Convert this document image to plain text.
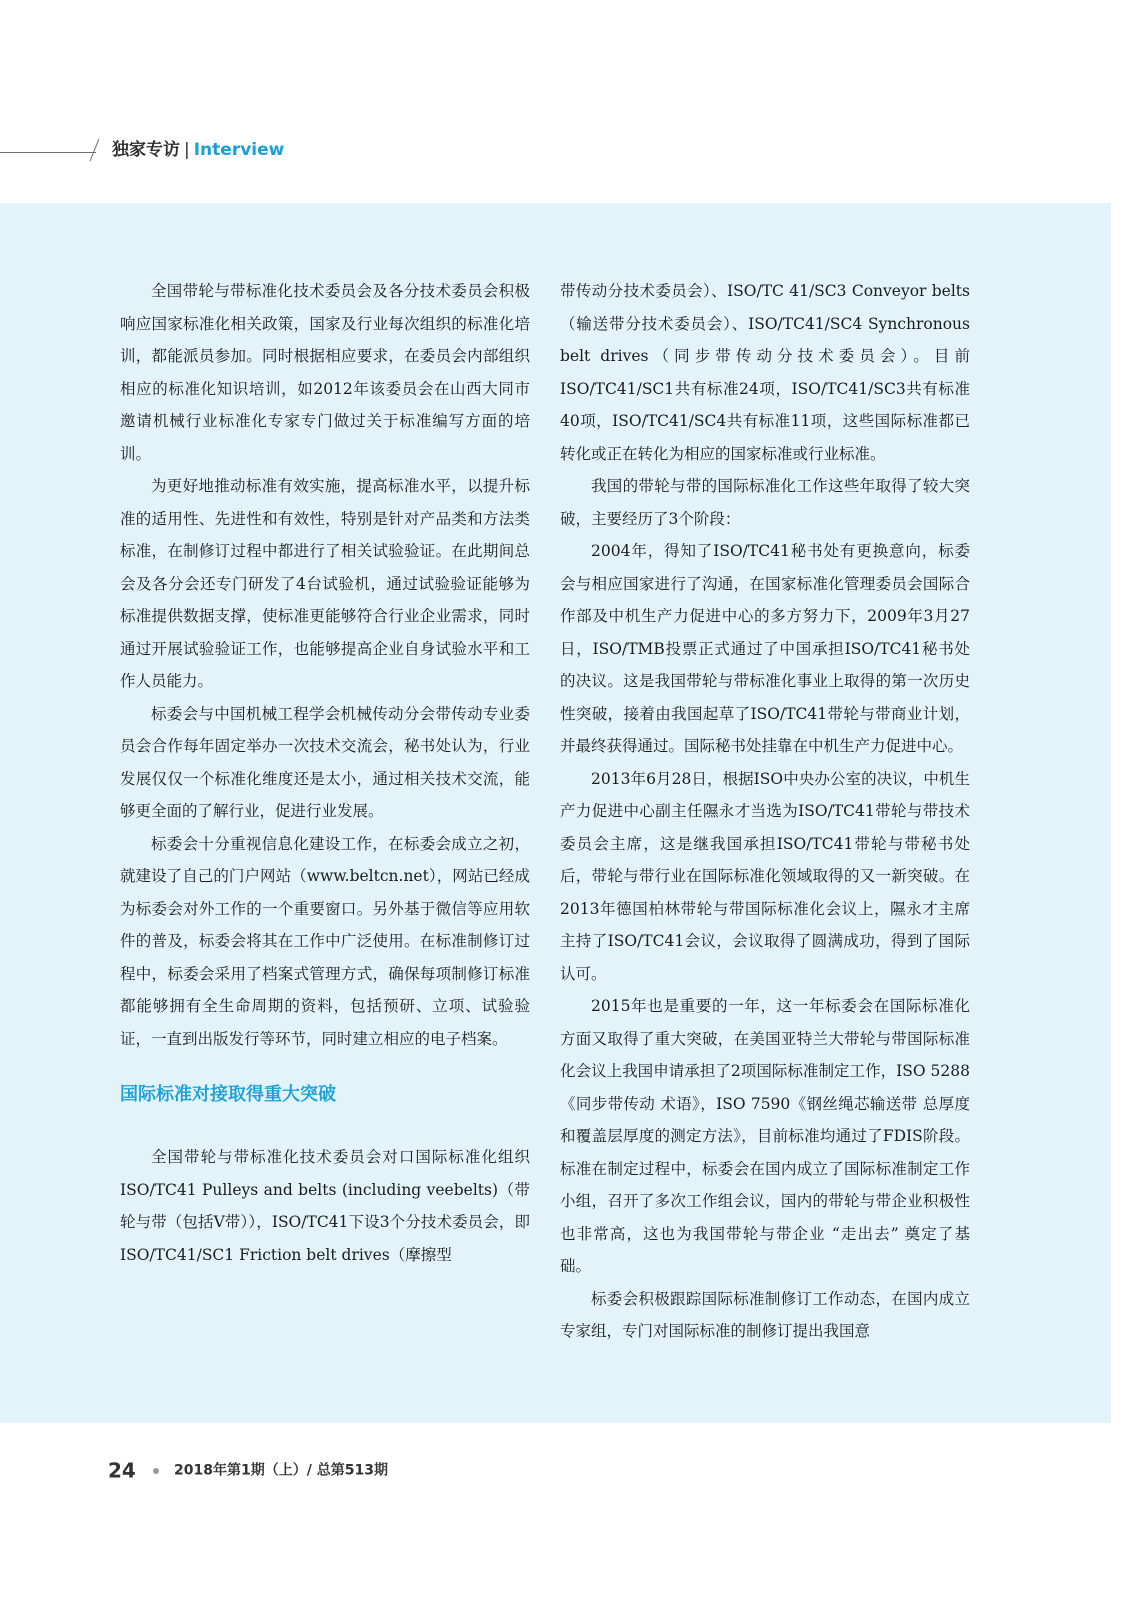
独家专访 | Interview

全国带轮与带标准化技术委员会及各分技术委员会积极响应国家标准化相关政策，国家及行业每次组织的标准化培训，都能派员参加。同时根据相应要求，在委员会内部组织相应的标准化知识培训，如2012年该委员会在山西大同市邀请机械行业标准化专家专门做过关于标准编写方面的培训。

为更好地推动标准有效实施，提高标准水平，以提升标准的适用性、先进性和有效性，特别是针对产品类和方法类标准，在制修订过程中都进行了相关试验验证。在此期间总会及各分会还专门研发了4台试验机，通过试验验证能够为标准提供数据支撑，使标准更能够符合行业企业需求，同时通过开展试验验证工作，也能够提高企业自身试验水平和工作人员能力。

标委会与中国机械工程学会机械传动分会带传动专业委员会合作每年固定举办一次技术交流会，秘书处认为，行业发展仅仅一个标准化维度还是太小，通过相关技术交流，能够更全面的了解行业，促进行业发展。

标委会十分重视信息化建设工作，在标委会成立之初，就建设了自己的门户网站（www.beltcn.net），网站已经成为标委会对外工作的一个重要窗口。另外基于微信等应用软件的普及，标委会将其在工作中广泛使用。在标准制修订过程中，标委会采用了档案式管理方式，确保每项制修订标准都能够拥有全生命周期的资料，包括预研、立项、试验验证，一直到出版发行等环节，同时建立相应的电子档案。

国际标准对接取得重大突破

全国带轮与带标准化技术委员会对口国际标准化组织ISO/TC41 Pulleys and belts (including veebelts)（带轮与带（包括V带）），ISO/TC41下设3个分技术委员会，即ISO/TC41/SC1 Friction belt drives（摩擦型

带传动分技术委员会）、ISO/TC 41/SC3 Conveyor belts（输送带分技术委员会）、ISO/TC41/SC4 Synchronous belt drives（同步带传动分技术委员会）。目前ISO/TC41/SC1共有标准24项，ISO/TC41/SC3共有标准40项，ISO/TC41/SC4共有标准11项，这些国际标准都已转化或正在转化为相应的国家标准或行业标准。

我国的带轮与带的国际标准化工作这些年取得了较大突破，主要经历了3个阶段：

2004年，得知了ISO/TC41秘书处有更换意向，标委会与相应国家进行了沟通，在国家标准化管理委员会国际合作部及中机生产力促进中心的多方努力下，2009年3月27日，ISO/TMB投票正式通过了中国承担ISO/TC41秘书处的决议。这是我国带轮与带标准化事业上取得的第一次历史性突破，接着由我国起草了ISO/TC41带轮与带商业计划，并最终获得通过。国际秘书处挂靠在中机生产力促进中心。

2013年6月28日，根据ISO中央办公室的决议，中机生产力促进中心副主任隰永才当选为ISO/TC41带轮与带技术委员会主席，这是继我国承担ISO/TC41带轮与带秘书处后，带轮与带行业在国际标准化领域取得的又一新突破。在2013年德国柏林带轮与带国际标准化会议上，隰永才主席主持了ISO/TC41会议，会议取得了圆满成功，得到了国际认可。

2015年也是重要的一年，这一年标委会在国际标准化方面又取得了重大突破，在美国亚特兰大带轮与带国际标准化会议上我国申请承担了2项国际标准制定工作，ISO 5288《同步带传动 术语》，ISO 7590《钢丝绳芯输送带 总厚度和覆盖层厚度的测定方法》，目前标准均通过了FDIS阶段。标准在制定过程中，标委会在国内成立了国际标准制定工作小组，召开了多次工作组会议，国内的带轮与带企业积极性也非常高，这也为我国带轮与带企业 “走出去” 奠定了基础。

标委会积极跟踪国际标准制修订工作动态，在国内成立专家组，专门对国际标准的制修订提出我国意

24	2018年第1期（上）/ 总第513期
